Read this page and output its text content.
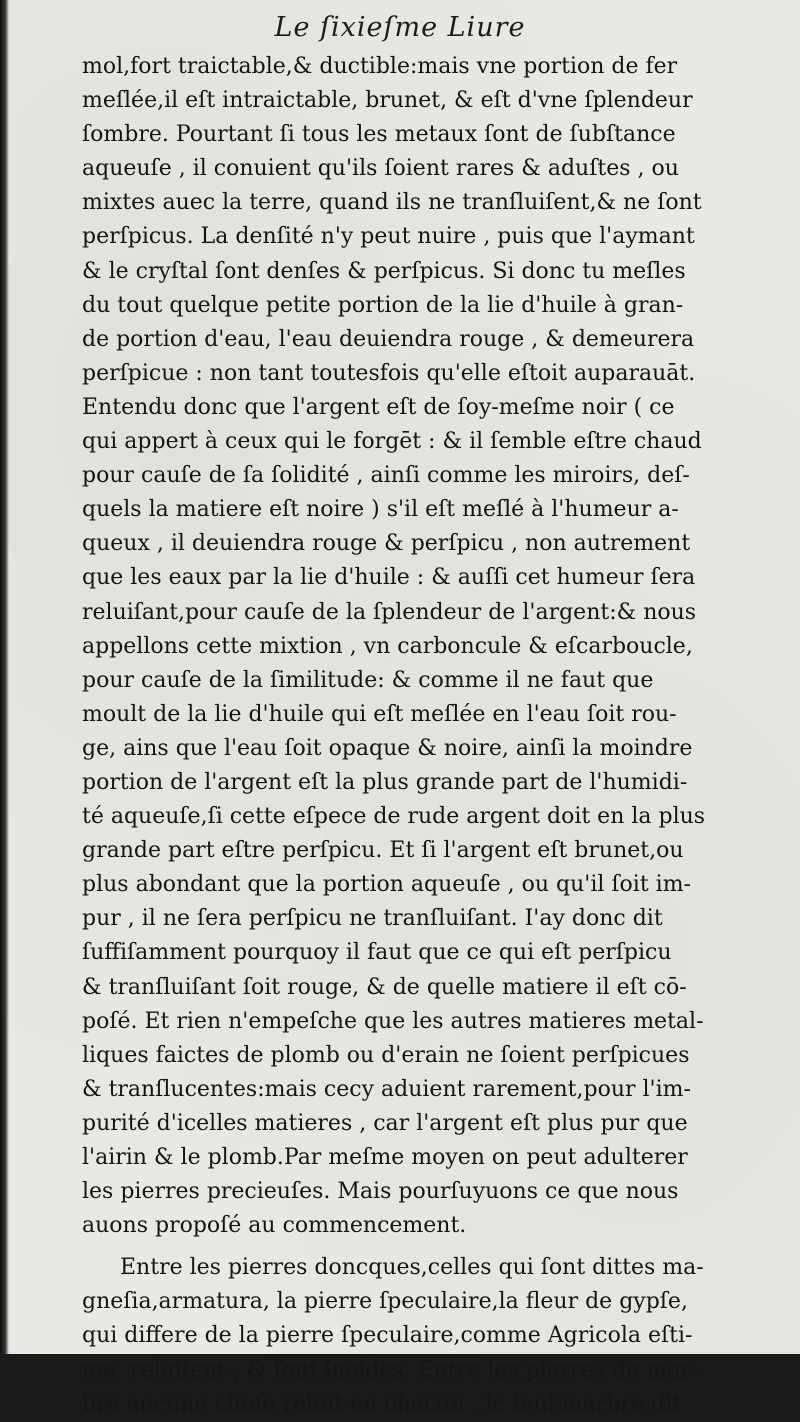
Le ſixieſme Liure
mol,fort traictable,& ductible:mais vne portion de fer
meſlée,il eſt intraictable, brunet, & eſt d'vne ſplendeur
ſombre. Pourtant ſi tous les metaux ſont de ſubſtance
aqueuſe , il conuient qu'ils ſoient rares & aduſtes , ou
mixtes auec la terre, quand ils ne tranſluiſent,& ne ſont
perſpicus. La denſité n'y peut nuire , puis que l'aymant
& le cryſtal ſont denſes & perſpicus. Si donc tu meſles
du tout quelque petite portion de la lie d'huile à gran-
de portion d'eau, l'eau deuiendra rouge , & demeurera
perſpicue : non tant toutesfois qu'elle eſtoit auparauāt.
Entendu donc que l'argent eſt de ſoy-meſme noir ( ce
qui appert à ceux qui le forgēt : & il ſemble eſtre chaud
pour cauſe de ſa ſolidité , ainſi comme les miroirs, deſ-
quels la matiere eſt noire ) s'il eſt meſlé à l'humeur a-
queux , il deuiendra rouge & perſpicu , non autrement
que les eaux par la lie d'huile : & auſſi cet humeur ſera
reluiſant,pour cauſe de la ſplendeur de l'argent:& nous
appellons cette mixtion , vn carboncule & eſcarboucle,
pour cauſe de la ſimilitude: & comme il ne faut que
moult de la lie d'huile qui eſt meſlée en l'eau ſoit rou-
ge, ains que l'eau ſoit opaque & noire, ainſi la moindre
portion de l'argent eſt la plus grande part de l'humidi-
té aqueuſe,ſi cette eſpece de rude argent doit en la plus
grande part eſtre perſpicu. Et ſi l'argent eſt brunet,ou
plus abondant que la portion aqueuſe , ou qu'il ſoit im-
pur , il ne ſera perſpicu ne tranſluiſant. I'ay donc dit
ſuffiſamment pourquoy il faut que ce qui eſt perſpicu
& tranſluiſant ſoit rouge, & de quelle matiere il eſt cō-
poſé. Et rien n'empeſche que les autres matieres metal-
liques faictes de plomb ou d'erain ne ſoient perſpicues
& tranſlucentes:mais cecy aduient rarement,pour l'im-
purité d'icelles matieres , car l'argent eſt plus pur que
l'airin & le plomb.Par meſme moyen on peut adulterer
les pierres precieuſes. Mais pourſuyuons ce que nous
auons propoſé au commencement.
Entre les pierres doncques,celles qui ſont dittes ma-
gneſia,armatura, la pierre ſpeculaire,la fleur de gypſe,
qui differe de la pierre ſpeculaire,comme Agricola eſti-
me, reluiſent , & ſont lucides. Entre les pierres de mar-
bre aucune choſe reluit en chacun , le ſeul marbre dit
